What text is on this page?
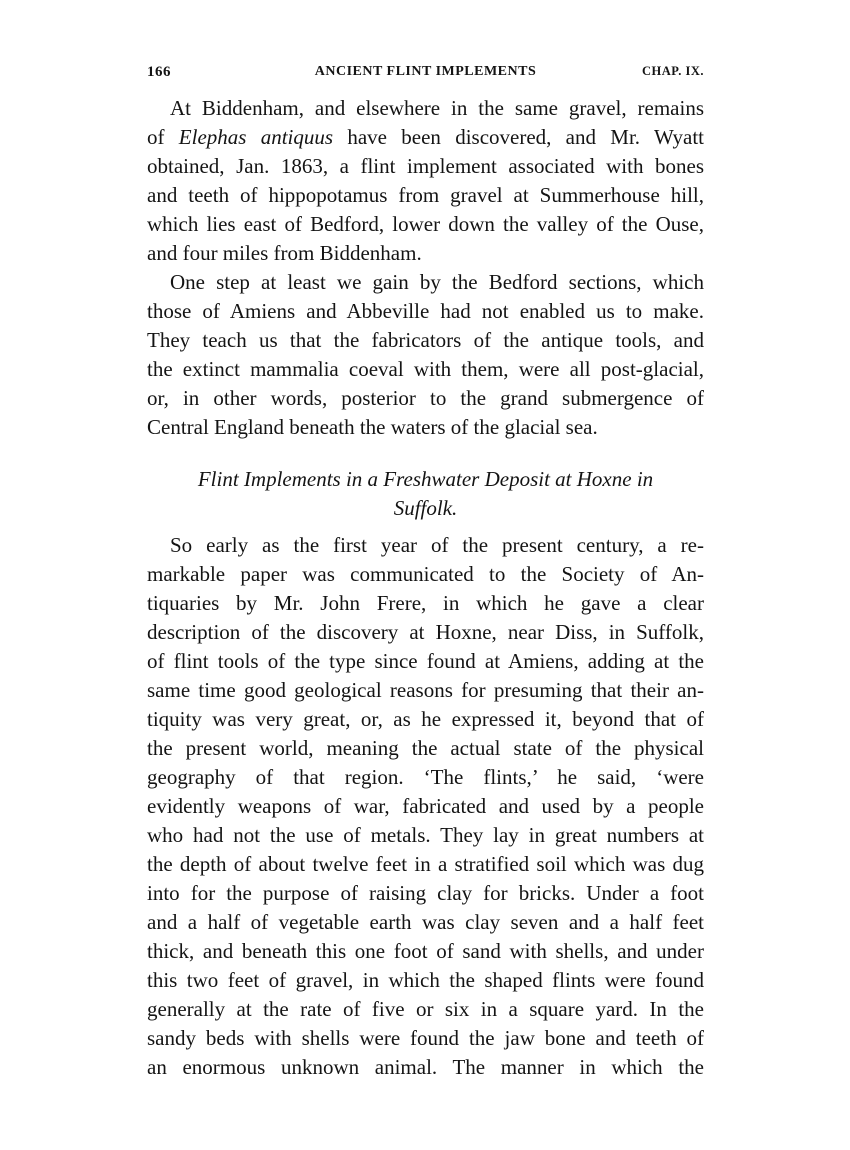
166	ANCIENT FLINT IMPLEMENTS	CHAP. IX.
At Biddenham, and elsewhere in the same gravel, remains
of Elephas antiquus have been discovered, and Mr. Wyatt
obtained, Jan. 1863, a flint implement associated with bones
and teeth of hippopotamus from gravel at Summerhouse hill,
which lies east of Bedford, lower down the valley of the Ouse,
and four miles from Biddenham.
One step at least we gain by the Bedford sections, which
those of Amiens and Abbeville had not enabled us to make.
They teach us that the fabricators of the antique tools, and
the extinct mammalia coeval with them, were all post-glacial,
or, in other words, posterior to the grand submergence of
Central England beneath the waters of the glacial sea.
Flint Implements in a Freshwater Deposit at Hoxne in
Suffolk.
So early as the first year of the present century, a re-
markable paper was communicated to the Society of An-
tiquaries by Mr. John Frere, in which he gave a clear
description of the discovery at Hoxne, near Diss, in Suffolk,
of flint tools of the type since found at Amiens, adding at the
same time good geological reasons for presuming that their an-
tiquity was very great, or, as he expressed it, beyond that of
the present world, meaning the actual state of the physical
geography of that region. ‘The flints,’ he said, ‘were
evidently weapons of war, fabricated and used by a people
who had not the use of metals. They lay in great numbers at
the depth of about twelve feet in a stratified soil which was dug
into for the purpose of raising clay for bricks. Under a foot
and a half of vegetable earth was clay seven and a half feet
thick, and beneath this one foot of sand with shells, and under
this two feet of gravel, in which the shaped flints were found
generally at the rate of five or six in a square yard. In the
sandy beds with shells were found the jaw bone and teeth of
an enormous unknown animal. The manner in which the
